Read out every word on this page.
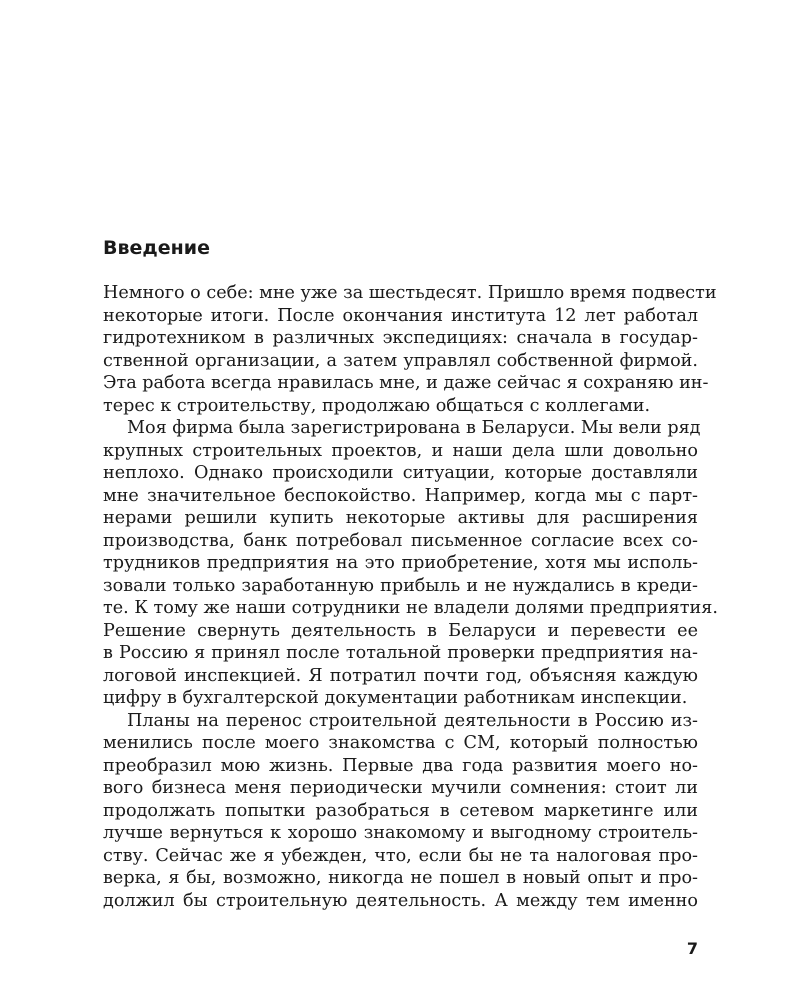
Введение
Немного о себе: мне уже за шестьдесят. Пришло время подвести
некоторые итоги. После окончания института 12 лет работал
гидротехником в различных экспедициях: сначала в государ-
ственной организации, а затем управлял собственной фирмой.
Эта работа всегда нравилась мне, и даже сейчас я сохраняю ин-
терес к строительству, продолжаю общаться с коллегами.
Моя фирма была зарегистрирована в Беларуси. Мы вели ряд
крупных строительных проектов, и наши дела шли довольно
неплохо. Однако происходили ситуации, которые доставляли
мне значительное беспокойство. Например, когда мы с парт-
нерами решили купить некоторые активы для расширения
производства, банк потребовал письменное согласие всех со-
трудников предприятия на это приобретение, хотя мы исполь-
зовали только заработанную прибыль и не нуждались в креди-
те. К тому же наши сотрудники не владели долями предприятия.
Решение свернуть деятельность в Беларуси и перевести ее
в Россию я принял после тотальной проверки предприятия на-
логовой инспекцией. Я потратил почти год, объясняя каждую
цифру в бухгалтерской документации работникам инспекции.
Планы на перенос строительной деятельности в Россию из-
менились после моего знакомства с СМ, который полностью
преобразил мою жизнь. Первые два года развития моего но-
вого бизнеса меня периодически мучили сомнения: стоит ли
продолжать попытки разобраться в сетевом маркетинге или
лучше вернуться к хорошо знакомому и выгодному строитель-
ству. Сейчас же я убежден, что, если бы не та налоговая про-
верка, я бы, возможно, никогда не пошел в новый опыт и про-
должил бы строительную деятельность. А между тем именно
7
